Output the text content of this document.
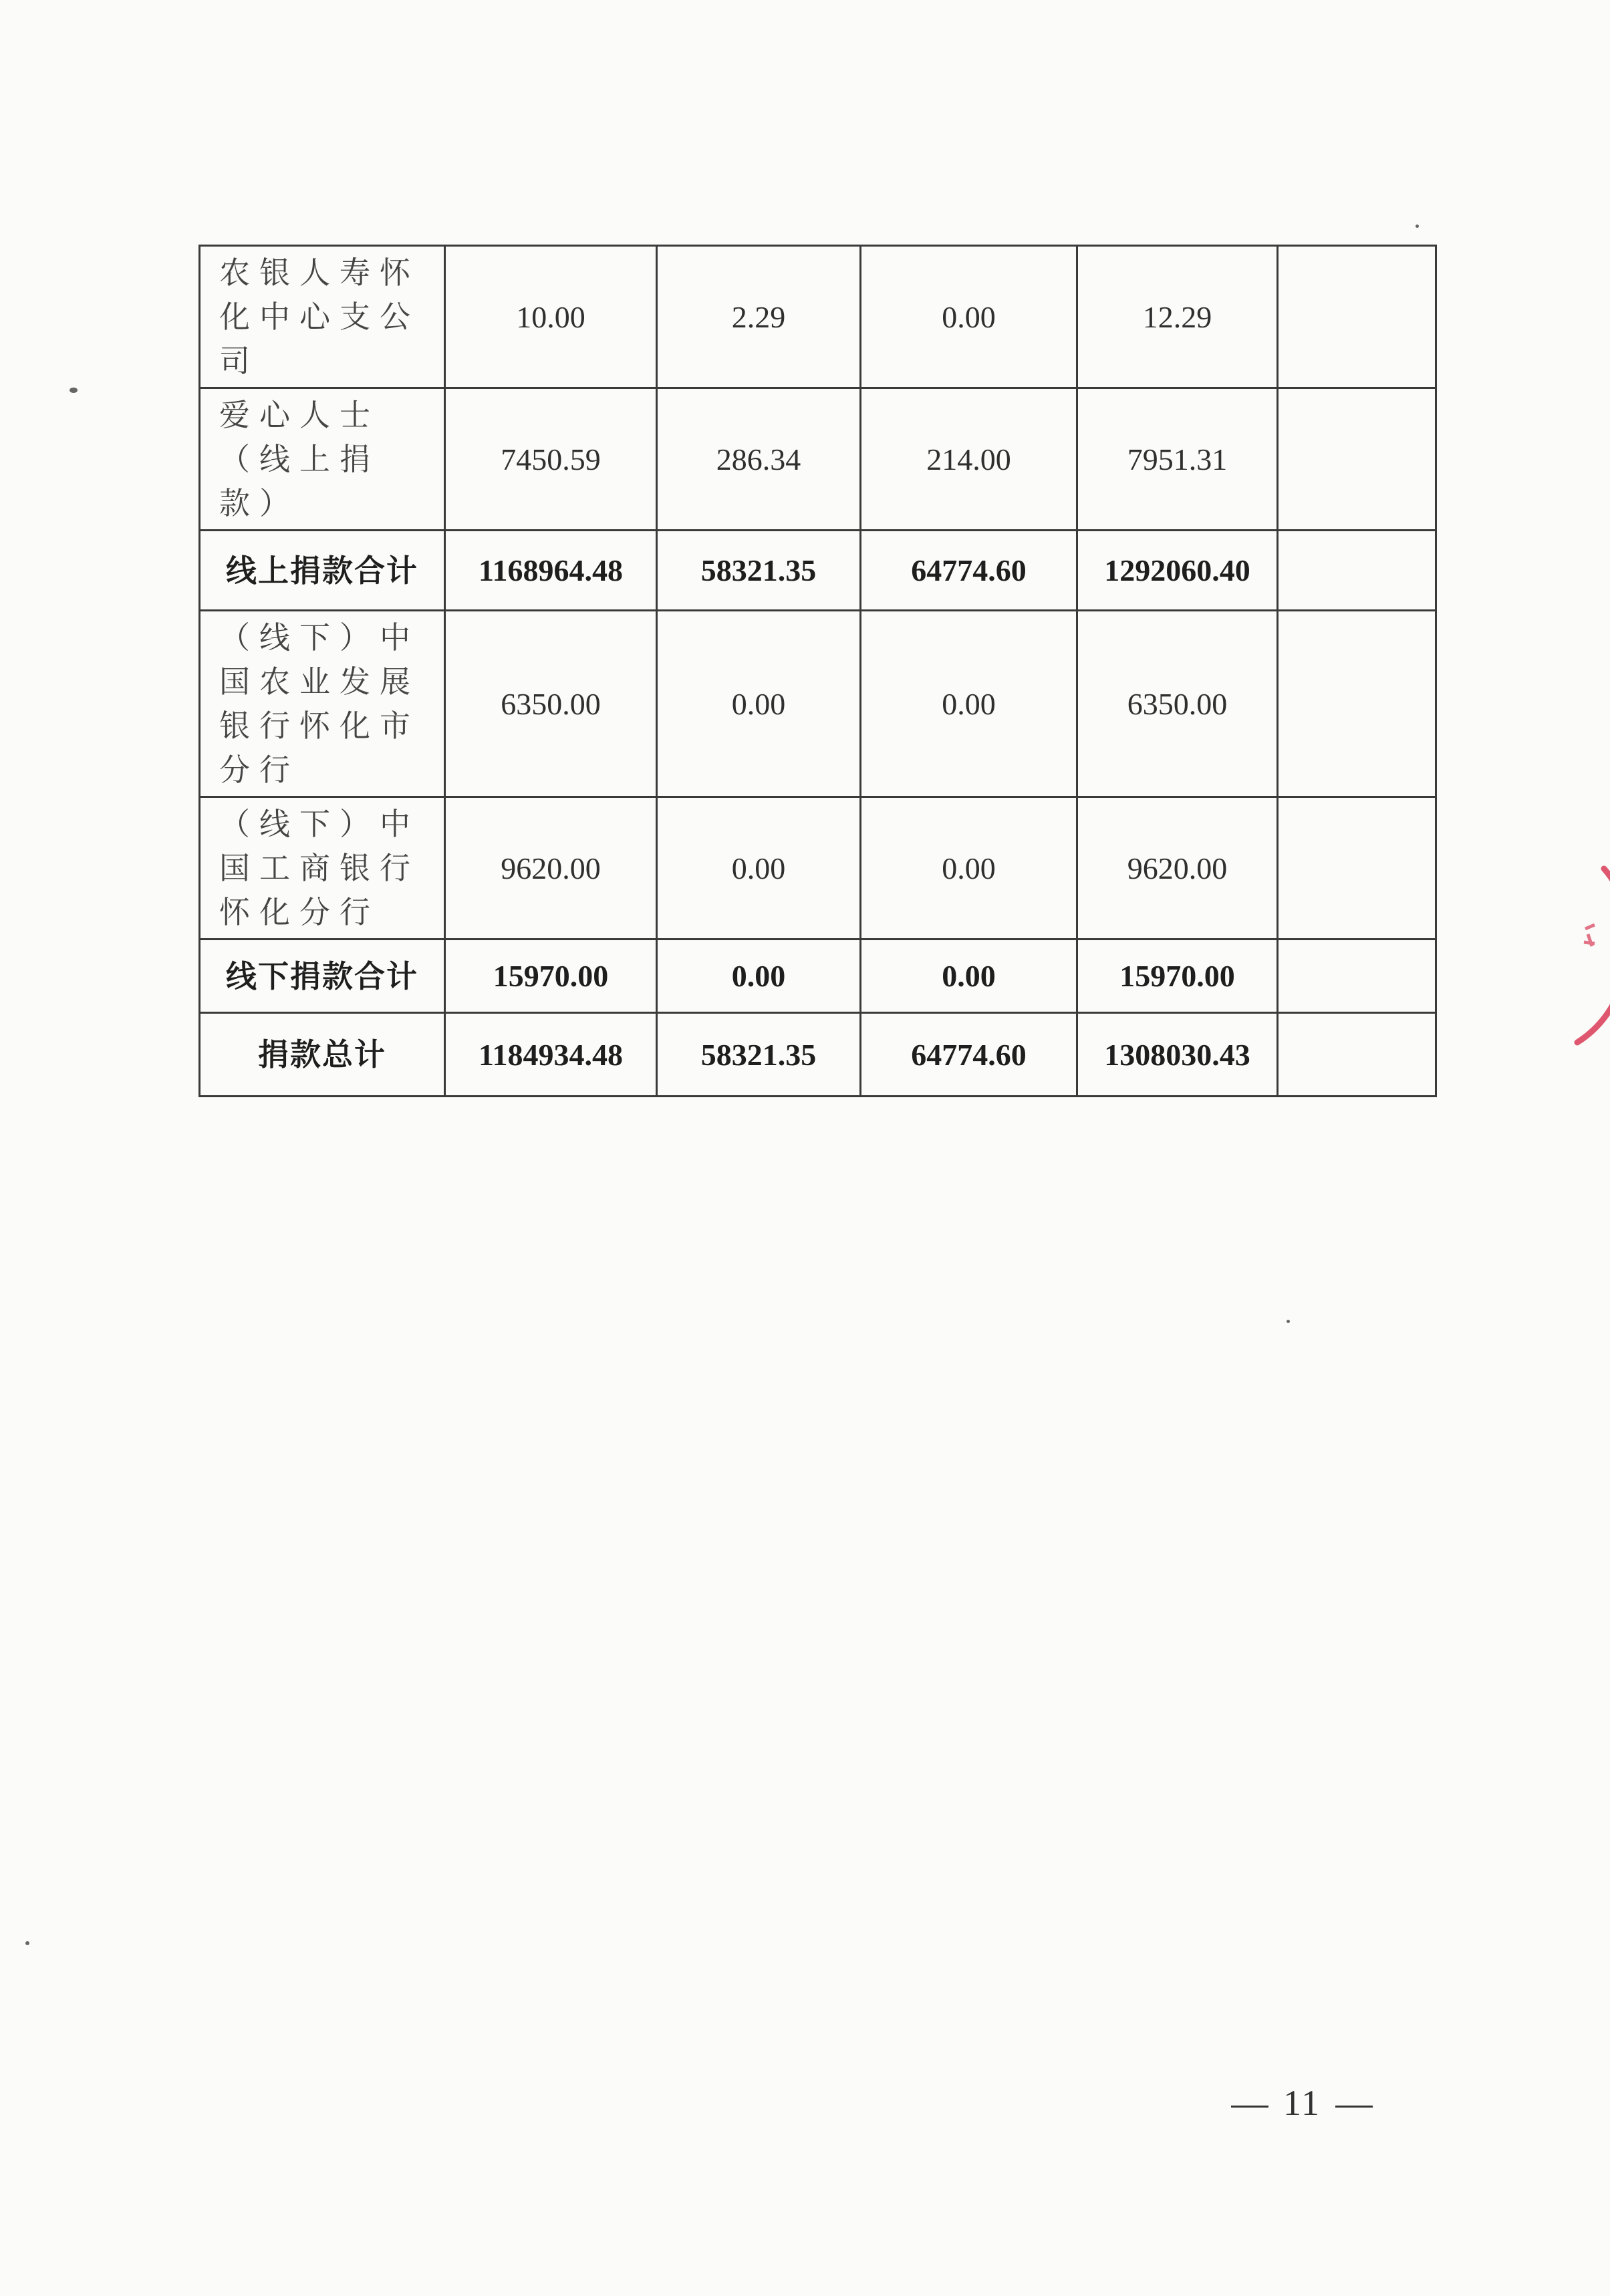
农银人寿怀化中心支公司	10.00	2.29	0.00	12.29	
爱心人士（线上捐款）	7450.59	286.34	214.00	7951.31	
线上捐款合计	1168964.48	58321.35	64774.60	1292060.40	
（线下）中国农业发展银行怀化市分行	6350.00	0.00	0.00	6350.00	
（线下）中国工商银行怀化分行	9620.00	0.00	0.00	9620.00	
线下捐款合计	15970.00	0.00	0.00	15970.00	
捐款总计	1184934.48	58321.35	64774.60	1308030.43	
11
